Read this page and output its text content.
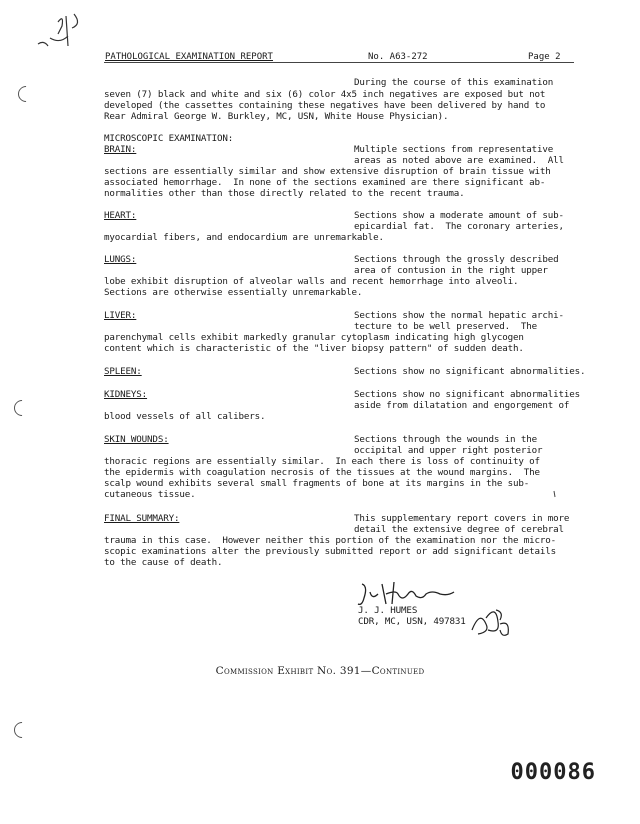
PATHOLOGICAL EXAMINATION REPORT	No. A63-272	Page 2
During the course of this examination
seven (7) black and white and six (6) color 4x5 inch negatives are exposed but not
developed (the cassettes containing these negatives have been delivered by hand to
Rear Admiral George W. Burkley, MC, USN, White House Physician).
MICROSCOPIC EXAMINATION:
BRAIN:	Multiple sections from representative
areas as noted above are examined.  All
sections are essentially similar and show extensive disruption of brain tissue with
associated hemorrhage.  In none of the sections examined are there significant ab-
normalities other than those directly related to the recent trauma.
HEART:	Sections show a moderate amount of sub-
epicardial fat.  The coronary arteries,
myocardial fibers, and endocardium are unremarkable.
LUNGS:	Sections through the grossly described
area of contusion in the right upper
lobe exhibit disruption of alveolar walls and recent hemorrhage into alveoli.
Sections are otherwise essentially unremarkable.
LIVER:	Sections show the normal hepatic archi-
tecture to be well preserved.  The
parenchymal cells exhibit markedly granular cytoplasm indicating high glycogen
content which is characteristic of the "liver biopsy pattern" of sudden death.
SPLEEN:	Sections show no significant abnormalities.
KIDNEYS:	Sections show no significant abnormalities
aside from dilatation and engorgement of
blood vessels of all calibers.
SKIN WOUNDS:	Sections through the wounds in the
occipital and upper right posterior
thoracic regions are essentially similar.  In each there is loss of continuity of
the epidermis with coagulation necrosis of the tissues at the wound margins.  The
scalp wound exhibits several small fragments of bone at its margins in the sub-
cutaneous tissue.
FINAL SUMMARY:	This supplementary report covers in more
detail the extensive degree of cerebral
trauma in this case.  However neither this portion of the examination nor the micro-
scopic examinations alter the previously submitted report or add significant details
to the cause of death.
J. J. HUMES
CDR, MC, USN, 497831
Commission Exhibit No. 391—Continued
000086
